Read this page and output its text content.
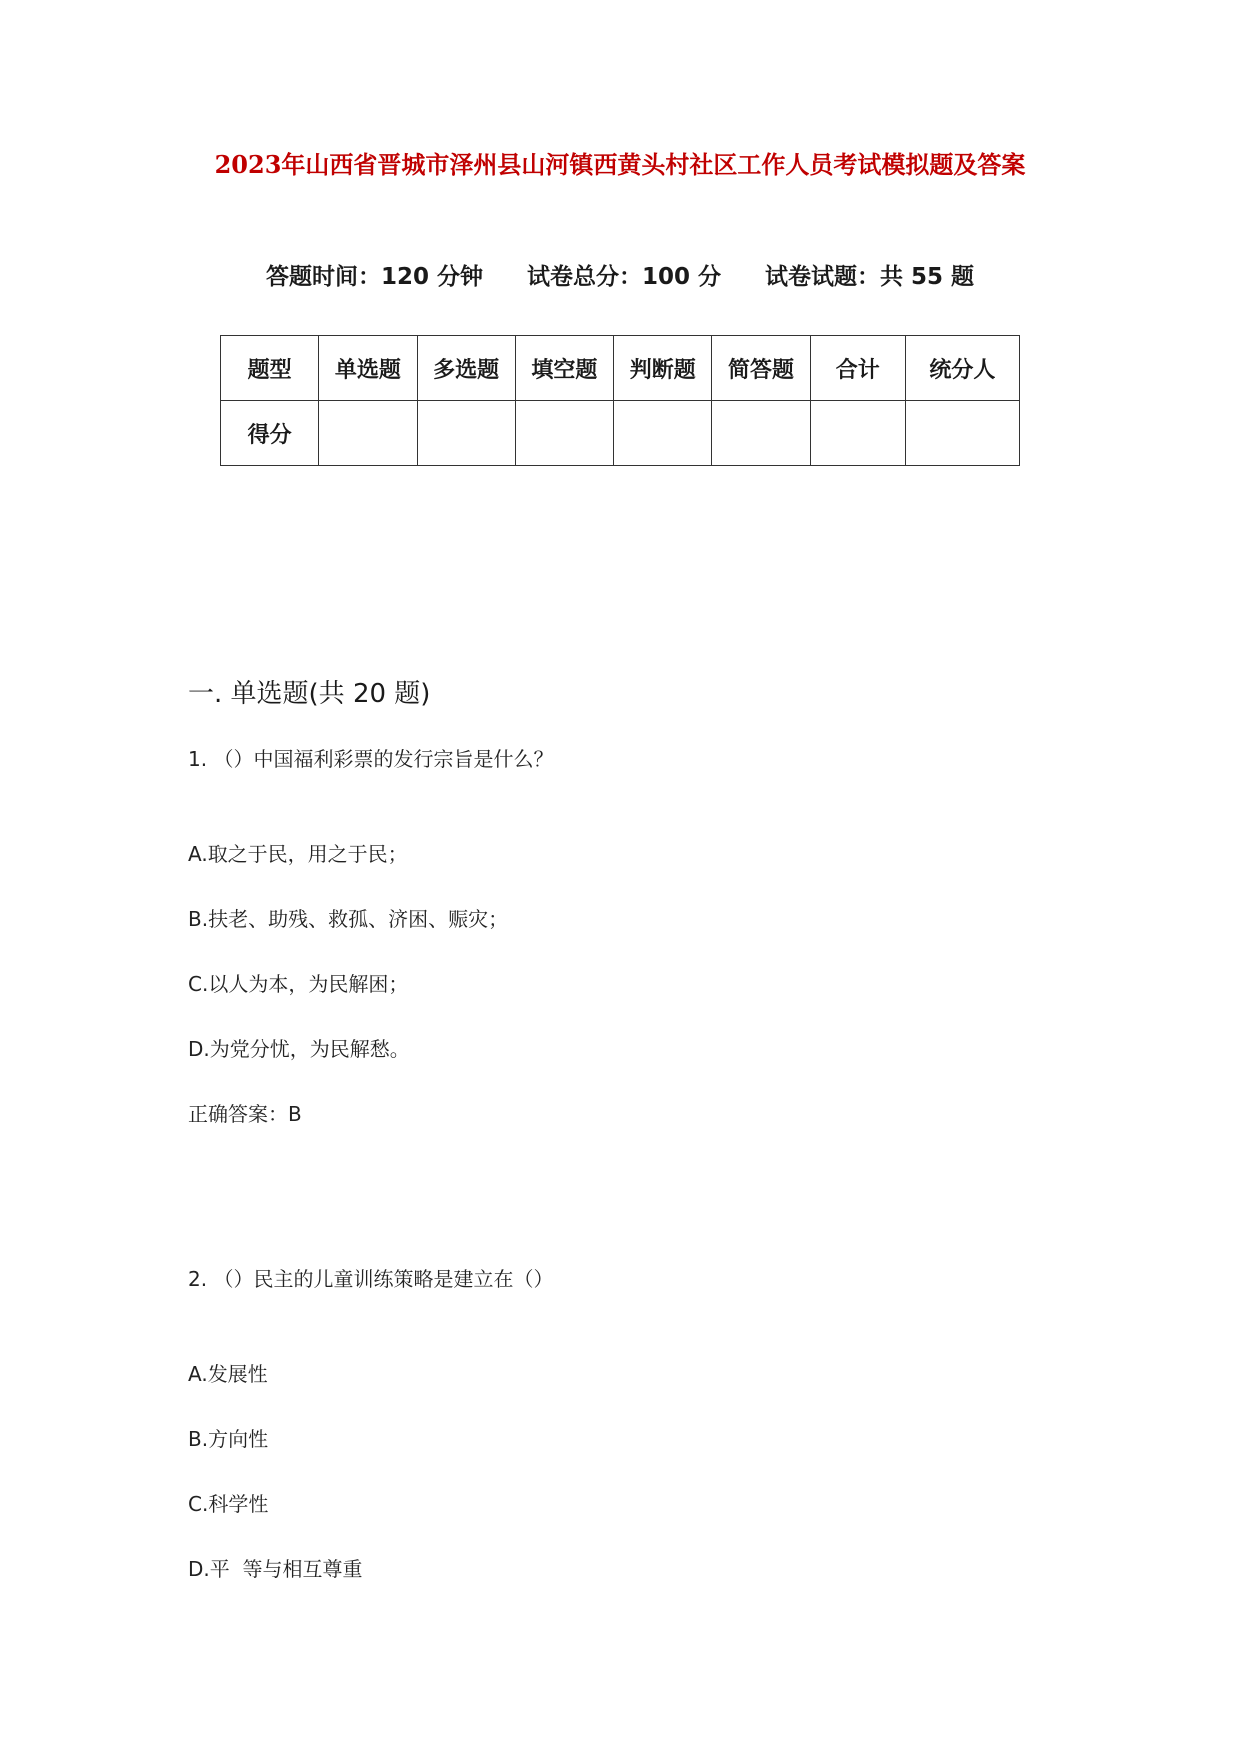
2023年山西省晋城市泽州县山河镇西黄头村社区工作人员考试模拟题及答案
答题时间：120 分钟 试卷总分：100 分 试卷试题：共 55 题
题型	单选题	多选题	填空题	判断题	简答题	合计	统分人
得分							
一. 单选题(共 20 题)
1. （）中国福利彩票的发行宗旨是什么？
A.取之于民，用之于民；
B.扶老、助残、救孤、济困、赈灾；
C.以人为本，为民解困；
D.为党分忧，为民解愁。
正确答案：B
2. （）民主的儿童训练策略是建立在（）
A.发展性
B.方向性
C.科学性
D.平  等与相互尊重
